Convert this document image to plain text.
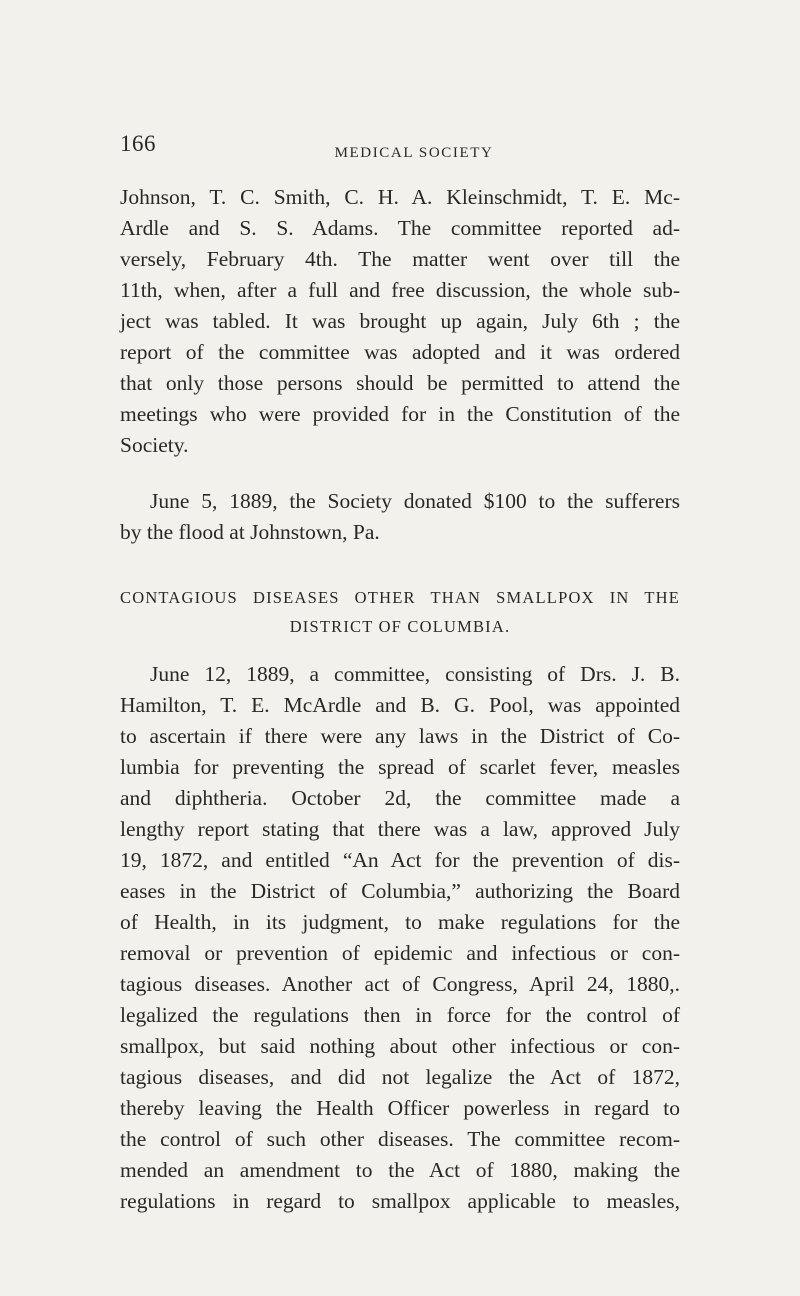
166	MEDICAL SOCIETY
Johnson, T. C. Smith, C. H. A. Kleinschmidt, T. E. Mc-
Ardle and S. S. Adams. The committee reported ad-
versely, February 4th. The matter went over till the
11th, when, after a full and free discussion, the whole sub-
ject was tabled. It was brought up again, July 6th ; the
report of the committee was adopted and it was ordered
that only those persons should be permitted to attend the
meetings who were provided for in the Constitution of the
Society.
June 5, 1889, the Society donated $100 to the sufferers
by the flood at Johnstown, Pa.
CONTAGIOUS DISEASES OTHER THAN SMALLPOX IN THE
DISTRICT OF COLUMBIA.
June 12, 1889, a committee, consisting of Drs. J. B.
Hamilton, T. E. McArdle and B. G. Pool, was appointed
to ascertain if there were any laws in the District of Co-
lumbia for preventing the spread of scarlet fever, measles
and diphtheria. October 2d, the committee made a
lengthy report stating that there was a law, approved July
19, 1872, and entitled “An Act for the prevention of dis-
eases in the District of Columbia,” authorizing the Board
of Health, in its judgment, to make regulations for the
removal or prevention of epidemic and infectious or con-
tagious diseases. Another act of Congress, April 24, 1880,.
legalized the regulations then in force for the control of
smallpox, but said nothing about other infectious or con-
tagious diseases, and did not legalize the Act of 1872,
thereby leaving the Health Officer powerless in regard to
the control of such other diseases. The committee recom-
mended an amendment to the Act of 1880, making the
regulations in regard to smallpox applicable to measles,
